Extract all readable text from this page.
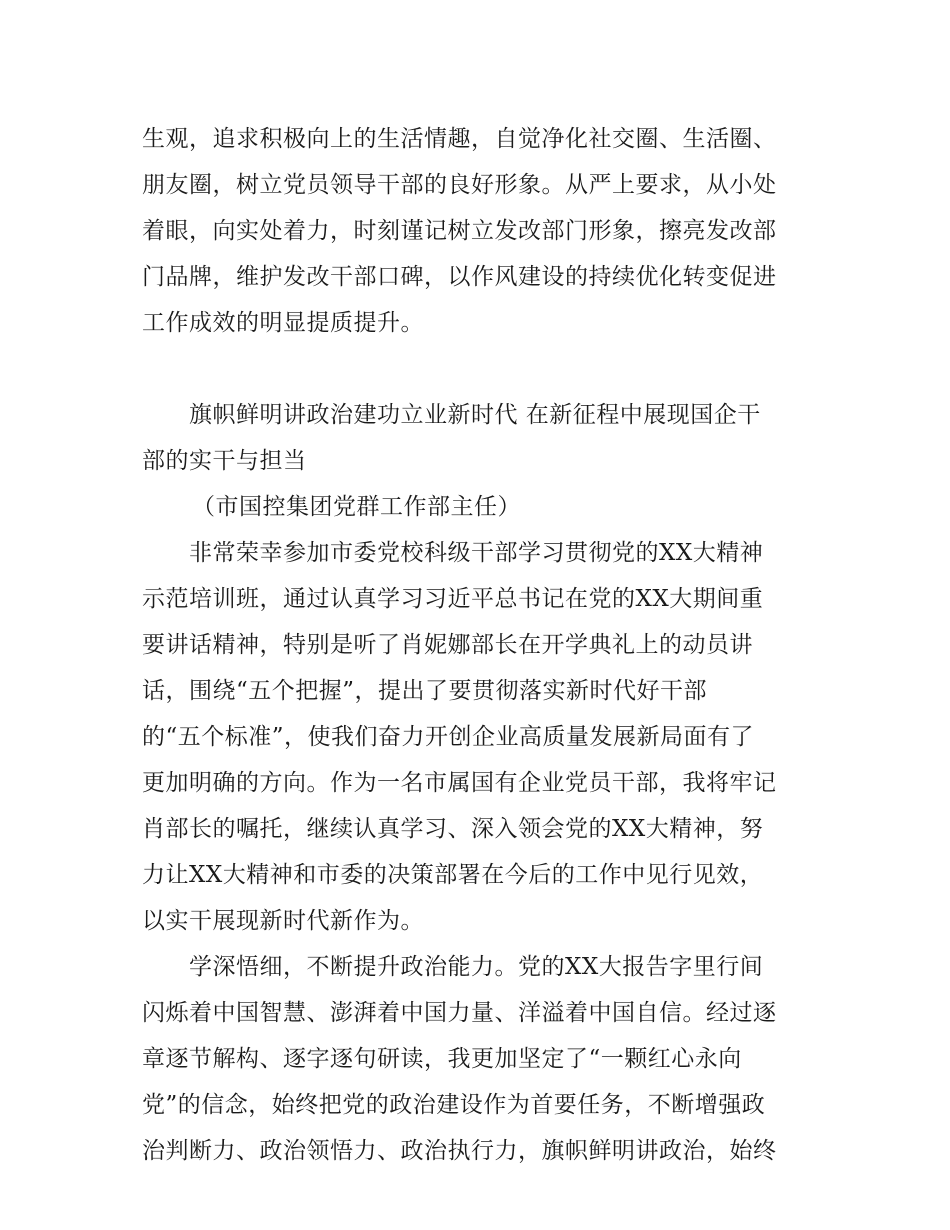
生观，追求积极向上的生活情趣，自觉净化社交圈、生活圈、

朋友圈，树立党员领导干部的良好形象。从严上要求，从小处

着眼，向实处着力，时刻谨记树立发改部门形象，擦亮发改部

门品牌，维护发改干部口碑，以作风建设的持续优化转变促进

工作成效的明显提质提升。

旗帜鲜明讲政治建功立业新时代 在新征程中展现国企干

部的实干与担当

（市国控集团党群工作部主任）

非常荣幸参加市委党校科级干部学习贯彻党的XX大精神

示范培训班，通过认真学习习近平总书记在党的XX大期间重

要讲话精神，特别是听了肖妮娜部长在开学典礼上的动员讲

话，围绕“五个把握”，提出了要贯彻落实新时代好干部

的“五个标准”，使我们奋力开创企业高质量发展新局面有了

更加明确的方向。作为一名市属国有企业党员干部，我将牢记

肖部长的嘱托，继续认真学习、深入领会党的XX大精神，努

力让XX大精神和市委的决策部署在今后的工作中见行见效，

以实干展现新时代新作为。

学深悟细，不断提升政治能力。党的XX大报告字里行间

闪烁着中国智慧、澎湃着中国力量、洋溢着中国自信。经过逐

章逐节解构、逐字逐句研读，我更加坚定了“一颗红心永向

党”的信念，始终把党的政治建设作为首要任务，不断增强政

治判断力、政治领悟力、政治执行力，旗帜鲜明讲政治，始终
